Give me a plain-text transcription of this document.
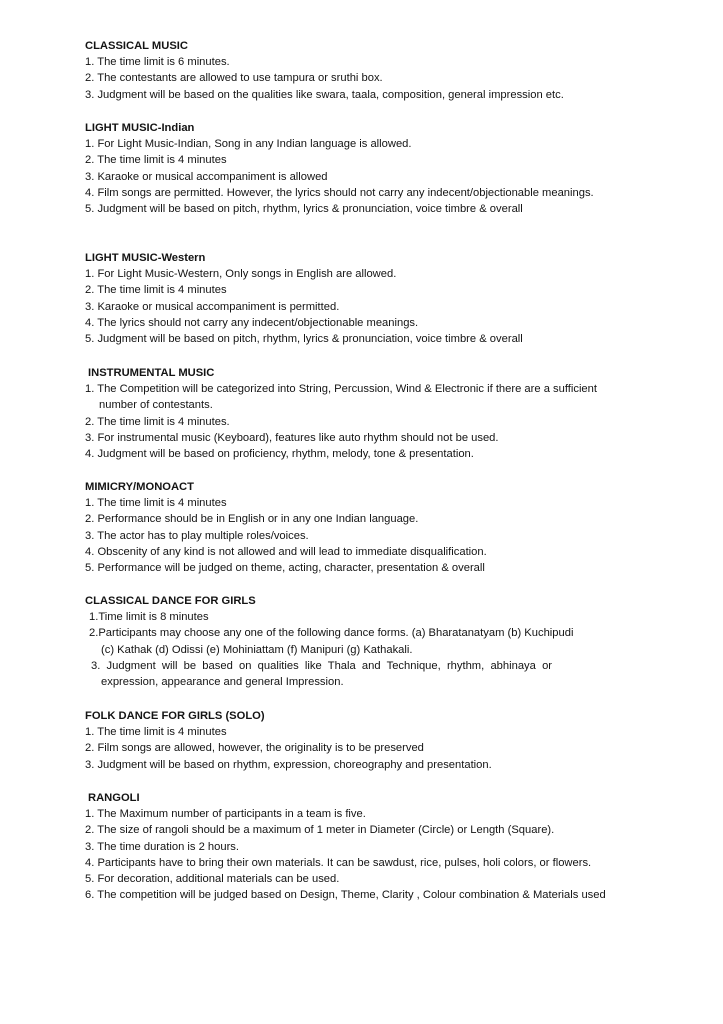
CLASSICAL MUSIC
1. The time limit is 6 minutes.
2. The contestants are allowed to use tampura or sruthi box.
3. Judgment will be based on the qualities like swara, taala, composition, general impression etc.
LIGHT MUSIC-Indian
1. For Light Music-Indian, Song in any Indian language is allowed.
2. The time limit is 4 minutes
3. Karaoke or musical accompaniment is allowed
4. Film songs are permitted. However, the lyrics should not carry any indecent/objectionable meanings.
5. Judgment will be based on pitch, rhythm, lyrics & pronunciation, voice timbre & overall
LIGHT MUSIC-Western
1. For Light Music-Western, Only songs in English are allowed.
2. The time limit is 4 minutes
3. Karaoke or musical accompaniment is permitted.
4. The lyrics should not carry any indecent/objectionable meanings.
5. Judgment will be based on pitch, rhythm, lyrics & pronunciation, voice timbre & overall
INSTRUMENTAL MUSIC
1. The Competition will be categorized into String, Percussion, Wind & Electronic if there are a sufficient
number of contestants.
2. The time limit is 4 minutes.
3. For instrumental music (Keyboard), features like auto rhythm should not be used.
4. Judgment will be based on proficiency, rhythm, melody, tone & presentation.
MIMICRY/MONOACT
1. The time limit is 4 minutes
2. Performance should be in English or in any one Indian language.
3. The actor has to play multiple roles/voices.
4. Obscenity of any kind is not allowed and will lead to immediate disqualification.
5. Performance will be judged on theme, acting, character, presentation & overall
CLASSICAL DANCE FOR GIRLS
1.Time limit is 8 minutes
2.Participants may choose any one of the following dance forms. (a) Bharatanatyam (b) Kuchipudi
(c) Kathak (d) Odissi (e) Mohiniattam (f) Manipuri (g) Kathakali.
3.  Judgment  will  be  based  on  qualities  like  Thala  and  Technique,  rhythm,  abhinaya  or
expression, appearance and general Impression.
FOLK DANCE FOR GIRLS (SOLO)
1. The time limit is 4 minutes
2. Film songs are allowed, however, the originality is to be preserved
3. Judgment will be based on rhythm, expression, choreography and presentation.
RANGOLI
1. The Maximum number of participants in a team is five.
2. The size of rangoli should be a maximum of 1 meter in Diameter (Circle) or Length (Square).
3. The time duration is 2 hours.
4. Participants have to bring their own materials. It can be sawdust, rice, pulses, holi colors, or flowers.
5. For decoration, additional materials can be used.
6. The competition will be judged based on Design, Theme, Clarity , Colour combination & Materials used
